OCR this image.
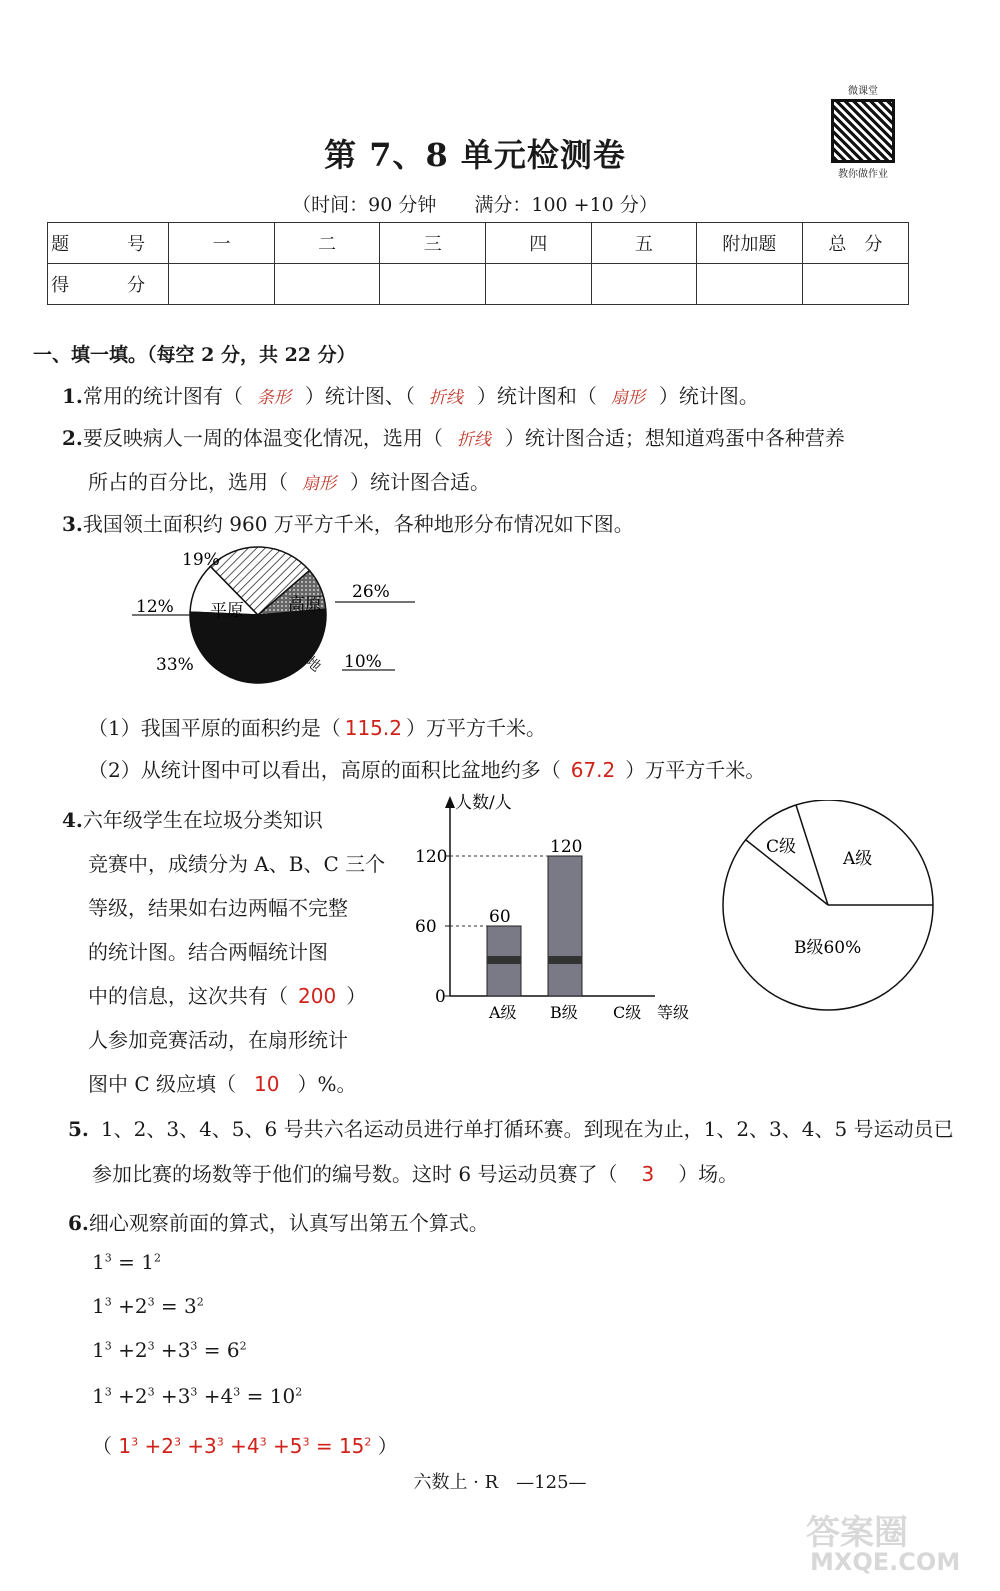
微课堂
教你做作业
第 7、8 单元检测卷
（时间：90 分钟　　满分：100 +10 分）
题　号	一	二	三	四	五	附加题	总　分
得　分							
一、填一填。（每空 2 分，共 22 分）
1.常用的统计图有（ 条形 ）统计图、（ 折线 ）统计图和（ 扇形 ）统计图。
2.要反映病人一周的体温变化情况，选用（ 折线 ）统计图合适；想知道鸡蛋中各种营养
所占的百分比，选用（ 扇形 ）统计图合适。
3.我国领土面积约 960 万平方千米，各种地形分布情况如下图。
19%
12%
26%
10%
33%
平原	高原
盆地
（1）我国平原的面积约是（ 115.2 ）万平方千米。
（2）从统计图中可以看出，高原的面积比盆地约多（ 67.2 ）万平方千米。
4.六年级学生在垃圾分类知识
竞赛中，成绩分为 A、B、C 三个
等级，结果如右边两幅不完整
的统计图。结合两幅统计图
中的信息，这次共有（ 200 ）
人参加竞赛活动，在扇形统计
图中 C 级应填（ 10 ）%。
人数/人
60
A级
120
B级
0
60
120
C级 等级
C级
A级
B级60%
5. 1、2、3、4、5、6 号共六名运动员进行单打循环赛。到现在为止，1、2、3、4、5 号运动员已
参加比赛的场数等于他们的编号数。这时 6 号运动员赛了（ 3 ）场。
6.细心观察前面的算式，认真写出第五个算式。
$1^3 = 1^2$
$1^3 +2^3 = 3^2$
$1^3 +2^3 +3^3 = 6^2$
$1^3 +2^3 +3^3 +4^3 = 10^2$
（ $1^3 +2^3 +3^3 +4^3 +5^3 = 15^2$ ）
六数上 · R　—125—
答案圈
MXQE.COM
